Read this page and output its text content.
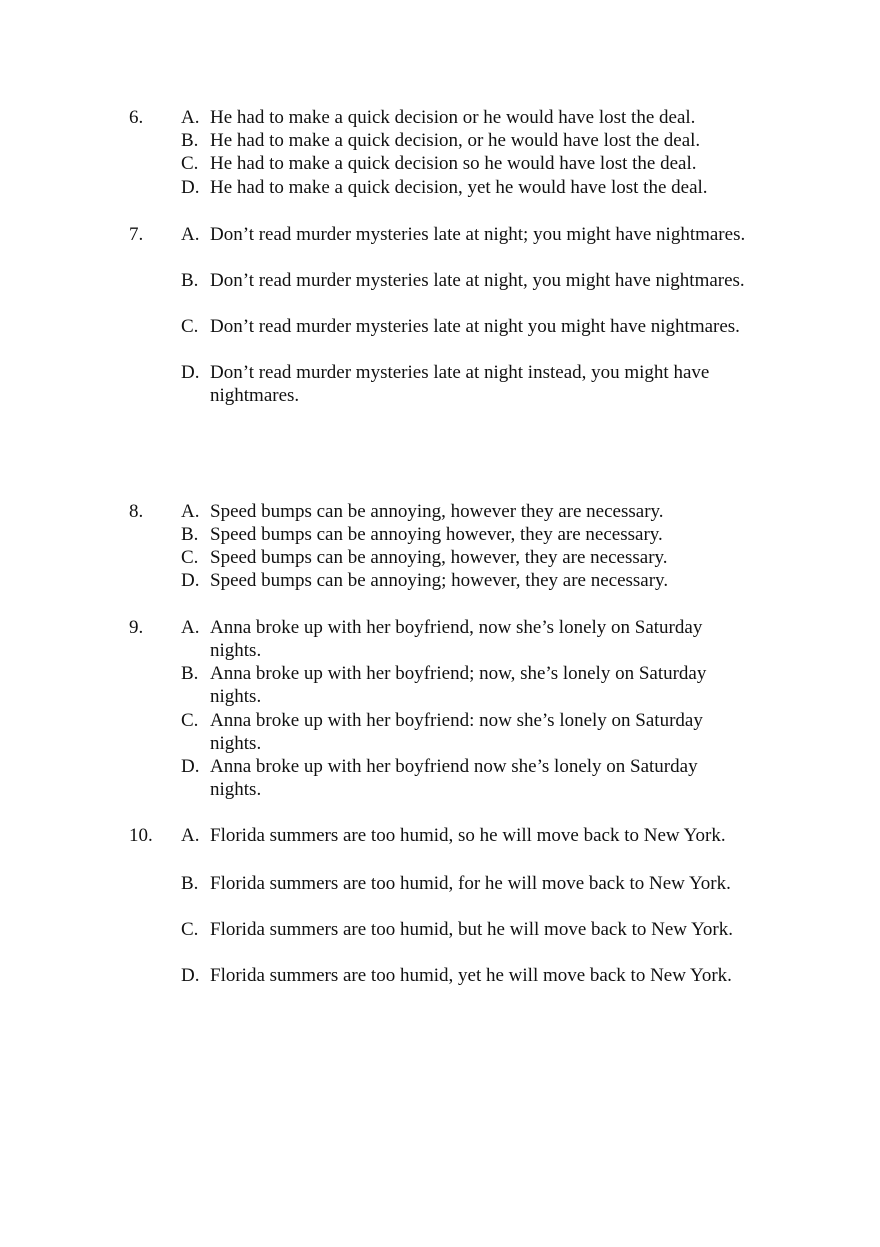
6. A. He had to make a quick decision or he would have lost the deal.
B. He had to make a quick decision, or he would have lost the deal.
C. He had to make a quick decision so he would have lost the deal.
D. He had to make a quick decision, yet he would have lost the deal.
7. A. Don’t read murder mysteries late at night; you might have nightmares.
B. Don’t read murder mysteries late at night, you might have nightmares.
C. Don’t read murder mysteries late at night you might have nightmares.
D. Don’t read murder mysteries late at night instead, you might have nightmares.
8. A. Speed bumps can be annoying, however they are necessary.
B. Speed bumps can be annoying however, they are necessary.
C. Speed bumps can be annoying, however, they are necessary.
D. Speed bumps can be annoying; however, they are necessary.
9. A. Anna broke up with her boyfriend, now she’s lonely on Saturday nights.
B. Anna broke up with her boyfriend; now, she’s lonely on Saturday nights.
C. Anna broke up with her boyfriend: now she’s lonely on Saturday nights.
D. Anna broke up with her boyfriend now she’s lonely on Saturday nights.
10. A. Florida summers are too humid, so he will move back to New York.
B. Florida summers are too humid, for he will move back to New York.
C. Florida summers are too humid, but he will move back to New York.
D. Florida summers are too humid, yet he will move back to New York.
